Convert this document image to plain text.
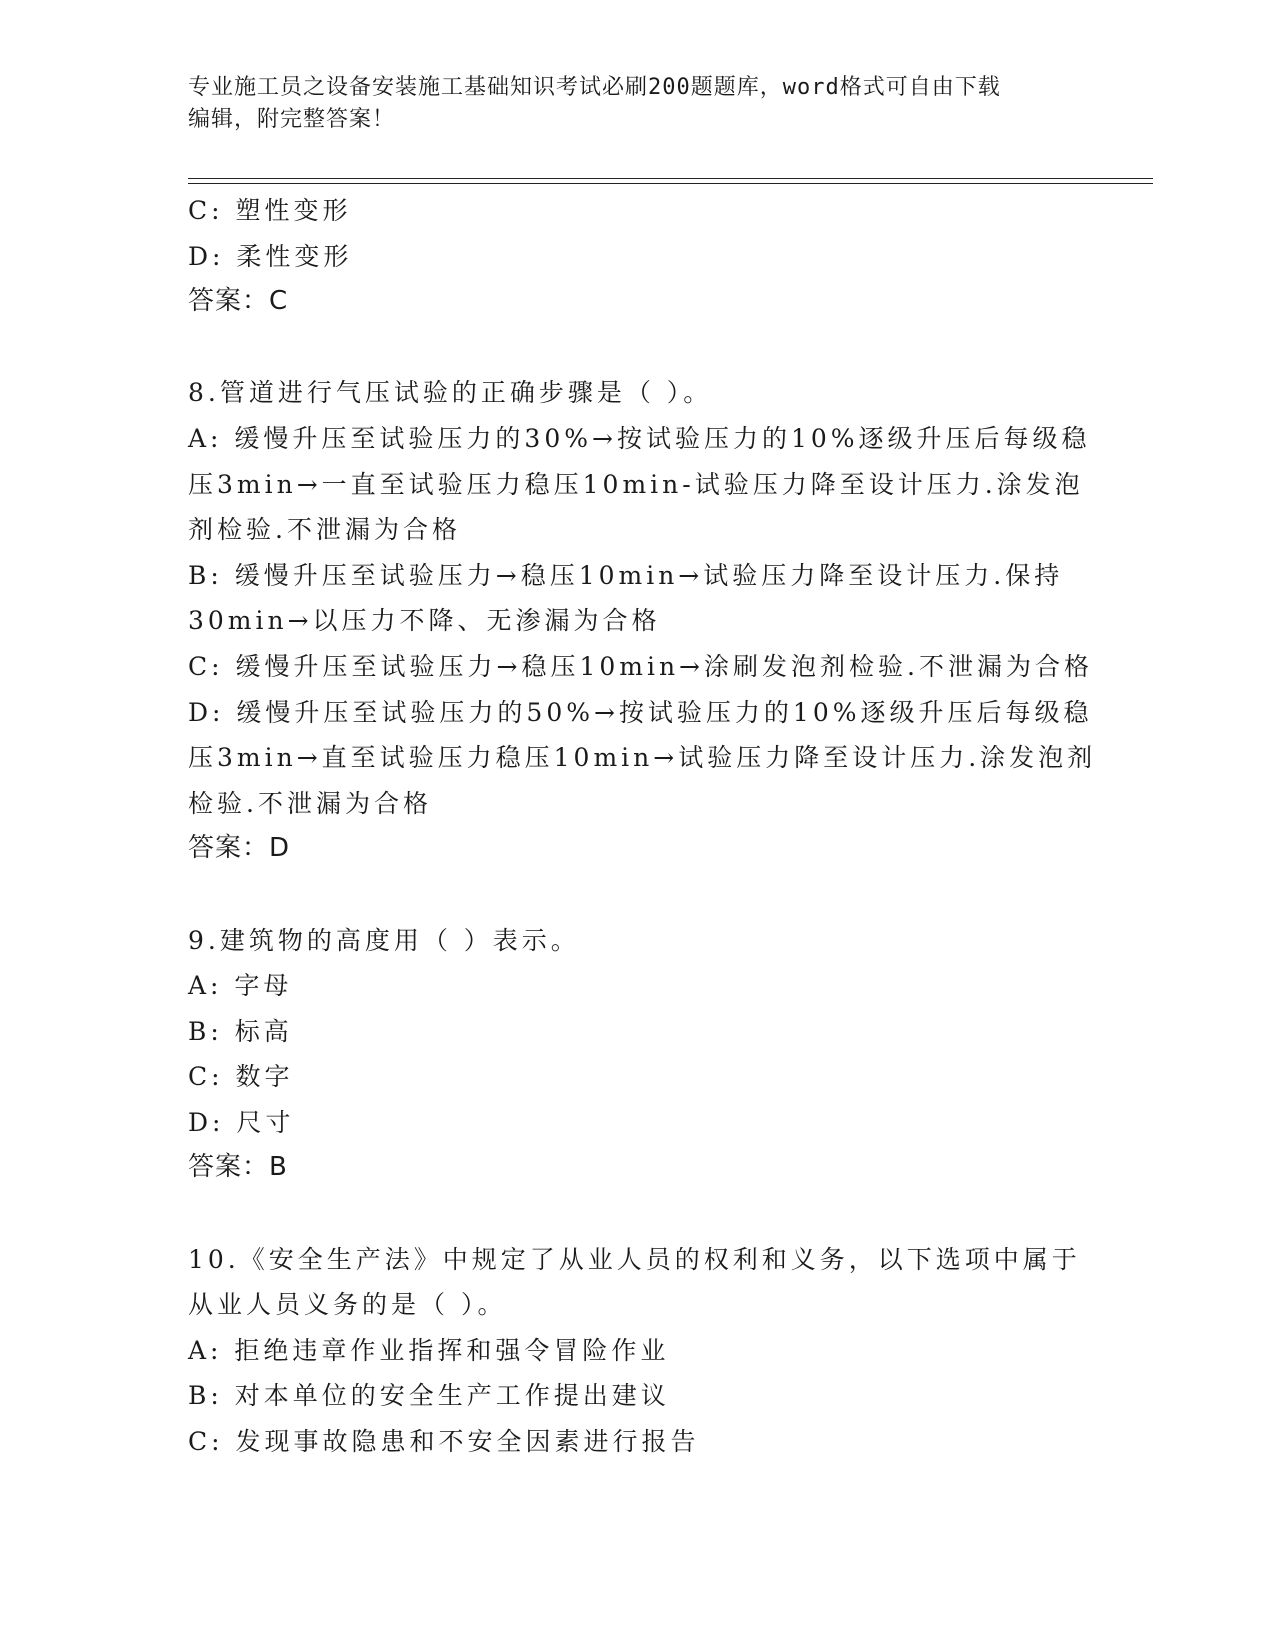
专业施工员之设备安装施工基础知识考试必刷200题题库，word格式可自由下载
编辑，附完整答案！
C: 塑性变形
D: 柔性变形
答案：C
8.管道进行气压试验的正确步骤是（ ）。
A: 缓慢升压至试验压力的30%→按试验压力的10%逐级升压后每级稳
压3min→一直至试验压力稳压10min-试验压力降至设计压力.涂发泡
剂检验.不泄漏为合格
B: 缓慢升压至试验压力→稳压10min→试验压力降至设计压力.保持
30min→以压力不降、无渗漏为合格
C: 缓慢升压至试验压力→稳压10min→涂刷发泡剂检验.不泄漏为合格
D: 缓慢升压至试验压力的50%→按试验压力的10%逐级升压后每级稳
压3min→直至试验压力稳压10min→试验压力降至设计压力.涂发泡剂
检验.不泄漏为合格
答案：D
9.建筑物的高度用（ ）表示。
A: 字母
B: 标高
C: 数字
D: 尺寸
答案：B
10.《安全生产法》中规定了从业人员的权利和义务，以下选项中属于
从业人员义务的是（ ）。
A: 拒绝违章作业指挥和强令冒险作业
B: 对本单位的安全生产工作提出建议
C: 发现事故隐患和不安全因素进行报告
